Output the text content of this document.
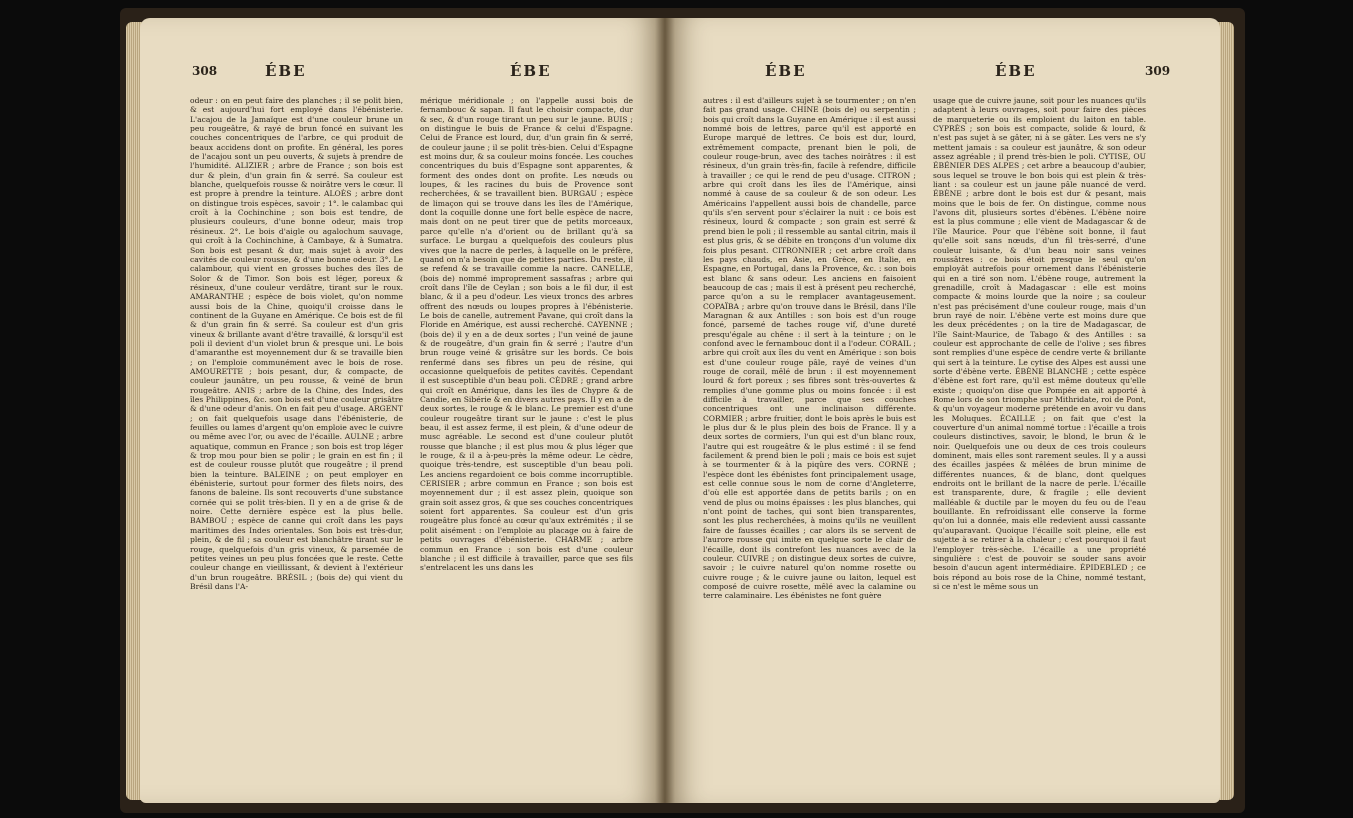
308	ÉBE	ÉBE

odeur : on en peut faire des planches ; il se polit bien, & est aujourd'hui fort employé dans l'ébénisterie. L'acajou de la Jamaïque est d'une couleur brune un peu rougeâtre, & rayé de brun foncé en suivant les couches concentriques de l'arbre, ce qui produit de beaux accidens dont on profite. En général, les pores de l'acajou sont un peu ouverts, & sujets à prendre de l'humidité. ALIZIER ; arbre de France ; son bois est dur & plein, d'un grain fin & serré. Sa couleur est blanche, quelquefois rousse & noirâtre vers le cœur. Il est propre à prendre la teinture. ALOÈS ; arbre dont on distingue trois espèces, savoir ; 1°. le calambac qui croît à la Cochinchine ; son bois est tendre, de plusieurs couleurs, d'une bonne odeur, mais trop résineux. 2°. Le bois d'aigle ou agalochum sauvage, qui croît à la Cochinchine, à Cambaye, & à Sumatra. Son bois est pesant & dur, mais sujet à avoir des cavités de couleur rousse, & d'une bonne odeur. 3°. Le calambour, qui vient en grosses buches des îles de Solor & de Timor. Son bois est léger, poreux & résineux, d'une couleur verdâtre, tirant sur le roux. AMARANTHE ; espèce de bois violet, qu'on nomme aussi bois de la Chine, quoiqu'il croisse dans le continent de la Guyane en Amérique. Ce bois est de fil & d'un grain fin & serré. Sa couleur est d'un gris vineux & brillante avant d'être travaillé, & lorsqu'il est poli il devient d'un violet brun & presque uni. Le bois d'amaranthe est moyennement dur & se travaille bien ; on l'emploie communément avec le bois de rose. AMOURETTE ; bois pesant, dur, & compacte, de couleur jaunâtre, un peu rousse, & veiné de brun rougeâtre. ANIS ; arbre de la Chine, des Indes, des îles Philippines, &c. son bois est d'une couleur grisâtre & d'une odeur d'anis. On en fait peu d'usage. ARGENT ; on fait quelquefois usage dans l'ébénisterie, de feuilles ou lames d'argent qu'on emploie avec le cuivre ou même avec l'or, ou avec de l'écaille. AULNE ; arbre aquatique, commun en France ; son bois est trop léger & trop mou pour bien se polir ; le grain en est fin ; il est de couleur rousse plutôt que rougeâtre ; il prend bien la teinture. BALEINE ; on peut employer en ébénisterie, surtout pour former des filets noirs, des fanons de baleine. Ils sont recouverts d'une substance cornée qui se polit très-bien. Il y en a de grise & de noire. Cette dernière espèce est la plus belle. BAMBOU ; espèce de canne qui croît dans les pays maritimes des Indes orientales. Son bois est très-dur, plein, & de fil ; sa couleur est blanchâtre tirant sur le rouge, quelquefois d'un gris vineux, & parsemée de petites veines un peu plus foncées que le reste. Cette couleur change en vieillissant, & devient à l'extérieur d'un brun rougeâtre. BRÉSIL ; (bois de) qui vient du Brésil dans l'A-

mérique méridionale ; on l'appelle aussi bois de fernambouc & sapan. Il faut le choisir compacte, dur & sec, & d'un rouge tirant un peu sur le jaune. BUIS ; on distingue le buis de France & celui d'Espagne. Celui de France est lourd, dur, d'un grain fin & serré, de couleur jaune ; il se polit très-bien. Celui d'Espagne est moins dur, & sa couleur moins foncée. Les couches concentriques du buis d'Espagne sont apparentes, & forment des ondes dont on profite. Les nœuds ou loupes, & les racines du buis de Provence sont recherchées, & se travaillent bien. BURGAU ; espèce de limaçon qui se trouve dans les îles de l'Amérique, dont la coquille donne une fort belle espèce de nacre, mais dont on ne peut tirer que de petits morceaux, parce qu'elle n'a d'orient ou de brillant qu'à sa surface. Le burgau a quelquefois des couleurs plus vives que la nacre de perles, à laquelle on le préfère, quand on n'a besoin que de petites parties. Du reste, il se refend & se travaille comme la nacre. CANELLE, (bois de) nommé improprement sassafras ; arbre qui croît dans l'île de Ceylan ; son bois a le fil dur, il est blanc, & il a peu d'odeur. Les vieux troncs des arbres offrent des nœuds ou loupes propres à l'ébénisterie. Le bois de canelle, autrement Pavane, qui croît dans la Floride en Amérique, est aussi recherché. CAYENNE ; (bois de) il y en a de deux sortes ; l'un veiné de jaune & de rougeâtre, d'un grain fin & serré ; l'autre d'un brun rouge veiné & grisâtre sur les bords. Ce bois renfermé dans ses fibres un peu de résine, qui occasionne quelquefois de petites cavités. Cependant il est susceptible d'un beau poli. CÈDRE ; grand arbre qui croît en Amérique, dans les îles de Chypre & de Candie, en Sibérie & en divers autres pays. Il y en a de deux sortes, le rouge & le blanc. Le premier est d'une couleur rougeâtre tirant sur le jaune : c'est le plus beau, il est assez ferme, il est plein, & d'une odeur de musc agréable. Le second est d'une couleur plutôt rousse que blanche ; il est plus mou & plus léger que le rouge, & il a à-peu-près la même odeur. Le cèdre, quoique très-tendre, est susceptible d'un beau poli. Les anciens regardoient ce bois comme incorruptible. CERISIER ; arbre commun en France ; son bois est moyennement dur ; il est assez plein, quoique son grain soit assez gros, & que ses couches concentriques soient fort apparentes. Sa couleur est d'un gris rougeâtre plus foncé au cœur qu'aux extrémités ; il se polit aisément : on l'emploie au placage ou à faire de petits ouvrages d'ébénisterie. CHARME ; arbre commun en France : son bois est d'une couleur blanche ; il est difficile à travailler, parce que ses fils s'entrelacent les uns dans les

ÉBE	ÉBE	309

autres : il est d'ailleurs sujet à se tourmenter ; on n'en fait pas grand usage. CHINE (bois de) ou serpentin ; bois qui croît dans la Guyane en Amérique : il est aussi nommé bois de lettres, parce qu'il est apporté en Europe marqué de lettres. Ce bois est dur, lourd, extrêmement compacte, prenant bien le poli, de couleur rouge-brun, avec des taches noirâtres : il est résineux, d'un grain très-fin, facile à refendre, difficile à travailler ; ce qui le rend de peu d'usage. CITRON ; arbre qui croît dans les îles de l'Amérique, ainsi nommé à cause de sa couleur & de son odeur. Les Américains l'appellent aussi bois de chandelle, parce qu'ils s'en servent pour s'éclairer la nuit : ce bois est résineux, lourd & compacte ; son grain est serré & prend bien le poli ; il ressemble au santal citrin, mais il est plus gris, & se débite en tronçons d'un volume dix fois plus pesant. CITRONNIER ; cet arbre croît dans les pays chauds, en Asie, en Grèce, en Italie, en Espagne, en Portugal, dans la Provence, &c. : son bois est blanc & sans odeur. Les anciens en faisoient beaucoup de cas ; mais il est à présent peu recherché, parce qu'on a su le remplacer avantageusement. COPAÏBA ; arbre qu'on trouve dans le Brésil, dans l'île Maragnan & aux Antilles : son bois est d'un rouge foncé, parsemé de taches rouge vif, d'une dureté presqu'égale au chêne : il sert à la teinture ; on le confond avec le fernambouc dont il a l'odeur. CORAIL ; arbre qui croît aux îles du vent en Amérique : son bois est d'une couleur rouge pâle, rayé de veines d'un rouge de corail, mêlé de brun : il est moyennement lourd & fort poreux ; ses fibres sont très-ouvertes & remplies d'une gomme plus ou moins foncée : il est difficile à travailler, parce que ses couches concentriques ont une inclinaison différente. CORMIER ; arbre fruitier, dont le bois après le buis est le plus dur & le plus plein des bois de France. Il y a deux sortes de cormiers, l'un qui est d'un blanc roux, l'autre qui est rougeâtre & le plus estimé : il se fend facilement & prend bien le poli ; mais ce bois est sujet à se tourmenter & à la piqûre des vers. CORNE ; l'espèce dont les ébénistes font principalement usage, est celle connue sous le nom de corne d'Angleterre, d'où elle est apportée dans de petits barils ; on en vend de plus ou moins épaisses : les plus blanches, qui n'ont point de taches, qui sont bien transparentes, sont les plus recherchées, à moins qu'ils ne veuillent faire de fausses écailles ; car alors ils se servent de l'aurore rousse qui imite en quelque sorte le clair de l'écaille, dont ils contrefont les nuances avec de la couleur. CUIVRE ; on distingue deux sortes de cuivre, savoir ; le cuivre naturel qu'on nomme rosette ou cuivre rouge ; & le cuivre jaune ou laiton, lequel est composé de cuivre rosette, mêlé avec la calamine ou terre calaminaire. Les ébénistes ne font guère

usage que de cuivre jaune, soit pour les nuances qu'ils adaptent à leurs ouvrages, soit pour faire des pièces de marqueterie ou ils emploient du laiton en table. CYPRÈS ; son bois est compacte, solide & lourd, & n'est pas sujet à se gâter, ni à se gâter. Les vers ne s'y mettent jamais : sa couleur est jaunâtre, & son odeur assez agréable ; il prend très-bien le poli. CYTISE, OU ÉBÉNIER DES ALPES ; cet arbre a beaucoup d'aubier, sous lequel se trouve le bon bois qui est plein & très-liant : sa couleur est un jaune pâle nuancé de verd. ÉBÈNE ; arbre dont le bois est dur & pesant, mais moins que le bois de fer. On distingue, comme nous l'avons dit, plusieurs sortes d'ébènes. L'ébène noire est la plus commune ; elle vient de Madagascar & de l'île Maurice. Pour que l'ébène soit bonne, il faut qu'elle soit sans nœuds, d'un fil très-serré, d'une couleur luisante, & d'un beau noir sans veines roussâtres : ce bois étoit presque le seul qu'on employât autrefois pour ornement dans l'ébénisterie qui en a tiré son nom. L'ébène rouge, autrement la grenadille, croît à Madagascar : elle est moins compacte & moins lourde que la noire ; sa couleur n'est pas précisément d'une couleur rouge, mais d'un brun rayé de noir. L'ébène verte est moins dure que les deux précédentes ; on la tire de Madagascar, de l'île Saint-Maurice, de Tabago & des Antilles : sa couleur est approchante de celle de l'olive ; ses fibres sont remplies d'une espèce de cendre verte & brillante qui sert à la teinture. Le cytise des Alpes est aussi une sorte d'ébène verte. ÉBÈNE BLANCHE ; cette espèce d'ébène est fort rare, qu'il est même douteux qu'elle existe ; quoiqu'on dise que Pompée en ait apporté à Rome lors de son triomphe sur Mithridate, roi de Pont, & qu'un voyageur moderne prétende en avoir vu dans les Moluques. ÉCAILLE ; on fait que c'est la couverture d'un animal nommé tortue : l'écaille a trois couleurs distinctives, savoir, le blond, le brun & le noir. Quelquefois une ou deux de ces trois couleurs dominent, mais elles sont rarement seules. Il y a aussi des écailles jaspées & mêlées de brun minime de différentes nuances, & de blanc, dont quelques endroits ont le brillant de la nacre de perle. L'écaille est transparente, dure, & fragile ; elle devient malléable & ductile par le moyen du feu ou de l'eau bouillante. En refroidissant elle conserve la forme qu'on lui a donnée, mais elle redevient aussi cassante qu'auparavant. Quoique l'écaille soit pleine, elle est sujette à se retirer à la chaleur ; c'est pourquoi il faut l'employer très-sèche. L'écaille a une propriété singulière : c'est de pouvoir se souder sans avoir besoin d'aucun agent intermédiaire. ÉPIDEBLED ; ce bois répond au bois rose de la Chine, nommé testant, si ce n'est le même sous un
